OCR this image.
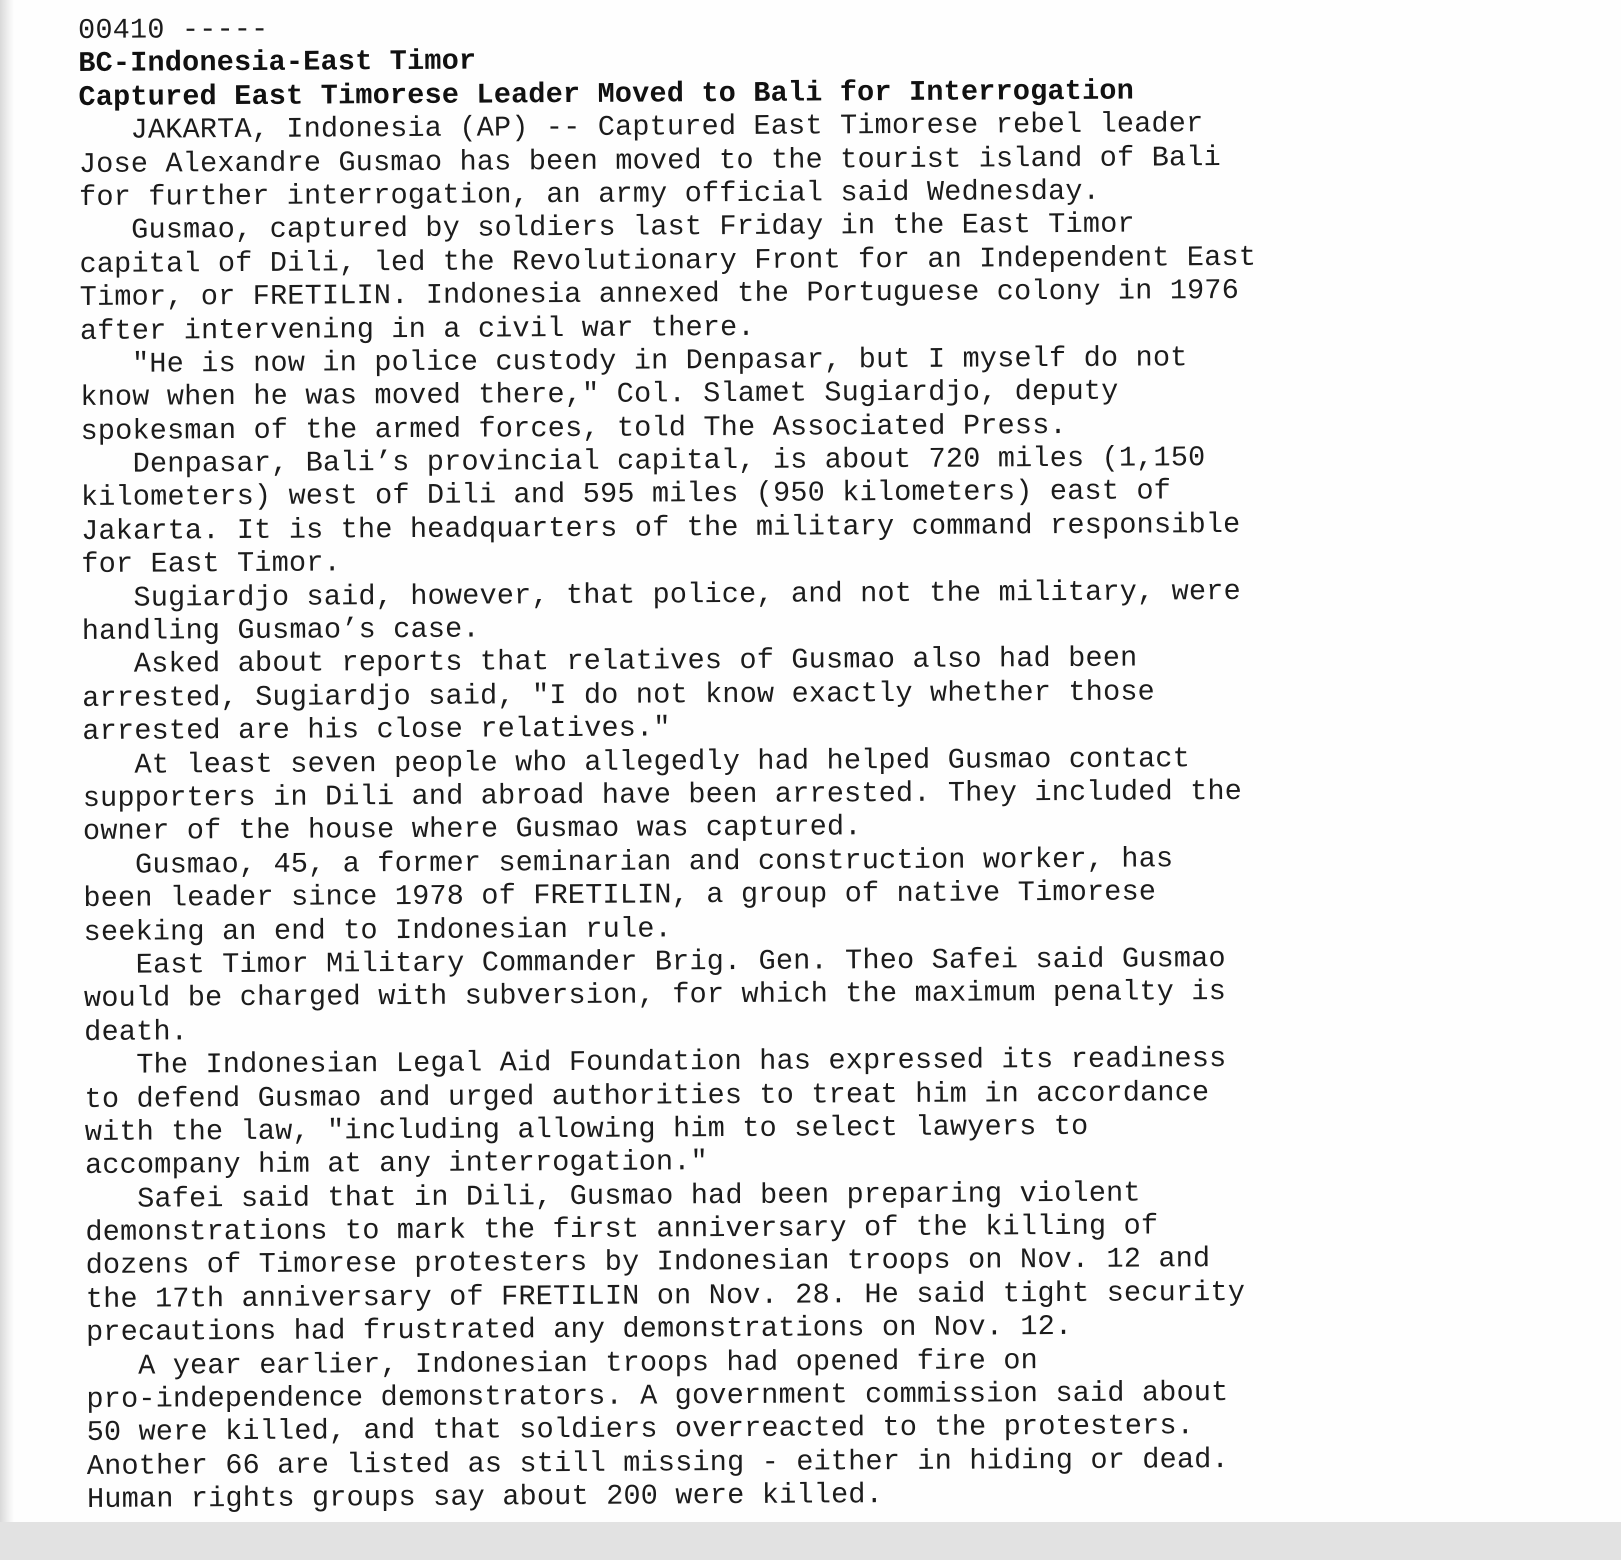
00410 -----
BC-Indonesia-East Timor
Captured East Timorese Leader Moved to Bali for Interrogation
JAKARTA, Indonesia (AP) -- Captured East Timorese rebel leader
Jose Alexandre Gusmao has been moved to the tourist island of Bali
for further interrogation, an army official said Wednesday.
Gusmao, captured by soldiers last Friday in the East Timor
capital of Dili, led the Revolutionary Front for an Independent East
Timor, or FRETILIN. Indonesia annexed the Portuguese colony in 1976
after intervening in a civil war there.
"He is now in police custody in Denpasar, but I myself do not
know when he was moved there," Col. Slamet Sugiardjo, deputy
spokesman of the armed forces, told The Associated Press.
Denpasar, Bali’s provincial capital, is about 720 miles (1,150
kilometers) west of Dili and 595 miles (950 kilometers) east of
Jakarta. It is the headquarters of the military command responsible
for East Timor.
Sugiardjo said, however, that police, and not the military, were
handling Gusmao’s case.
Asked about reports that relatives of Gusmao also had been
arrested, Sugiardjo said, "I do not know exactly whether those
arrested are his close relatives."
At least seven people who allegedly had helped Gusmao contact
supporters in Dili and abroad have been arrested. They included the
owner of the house where Gusmao was captured.
Gusmao, 45, a former seminarian and construction worker, has
been leader since 1978 of FRETILIN, a group of native Timorese
seeking an end to Indonesian rule.
East Timor Military Commander Brig. Gen. Theo Safei said Gusmao
would be charged with subversion, for which the maximum penalty is
death.
The Indonesian Legal Aid Foundation has expressed its readiness
to defend Gusmao and urged authorities to treat him in accordance
with the law, "including allowing him to select lawyers to
accompany him at any interrogation."
Safei said that in Dili, Gusmao had been preparing violent
demonstrations to mark the first anniversary of the killing of
dozens of Timorese protesters by Indonesian troops on Nov. 12 and
the 17th anniversary of FRETILIN on Nov. 28. He said tight security
precautions had frustrated any demonstrations on Nov. 12.
A year earlier, Indonesian troops had opened fire on
pro-independence demonstrators. A government commission said about
50 were killed, and that soldiers overreacted to the protesters.
Another 66 are listed as still missing - either in hiding or dead.
Human rights groups say about 200 were killed.
